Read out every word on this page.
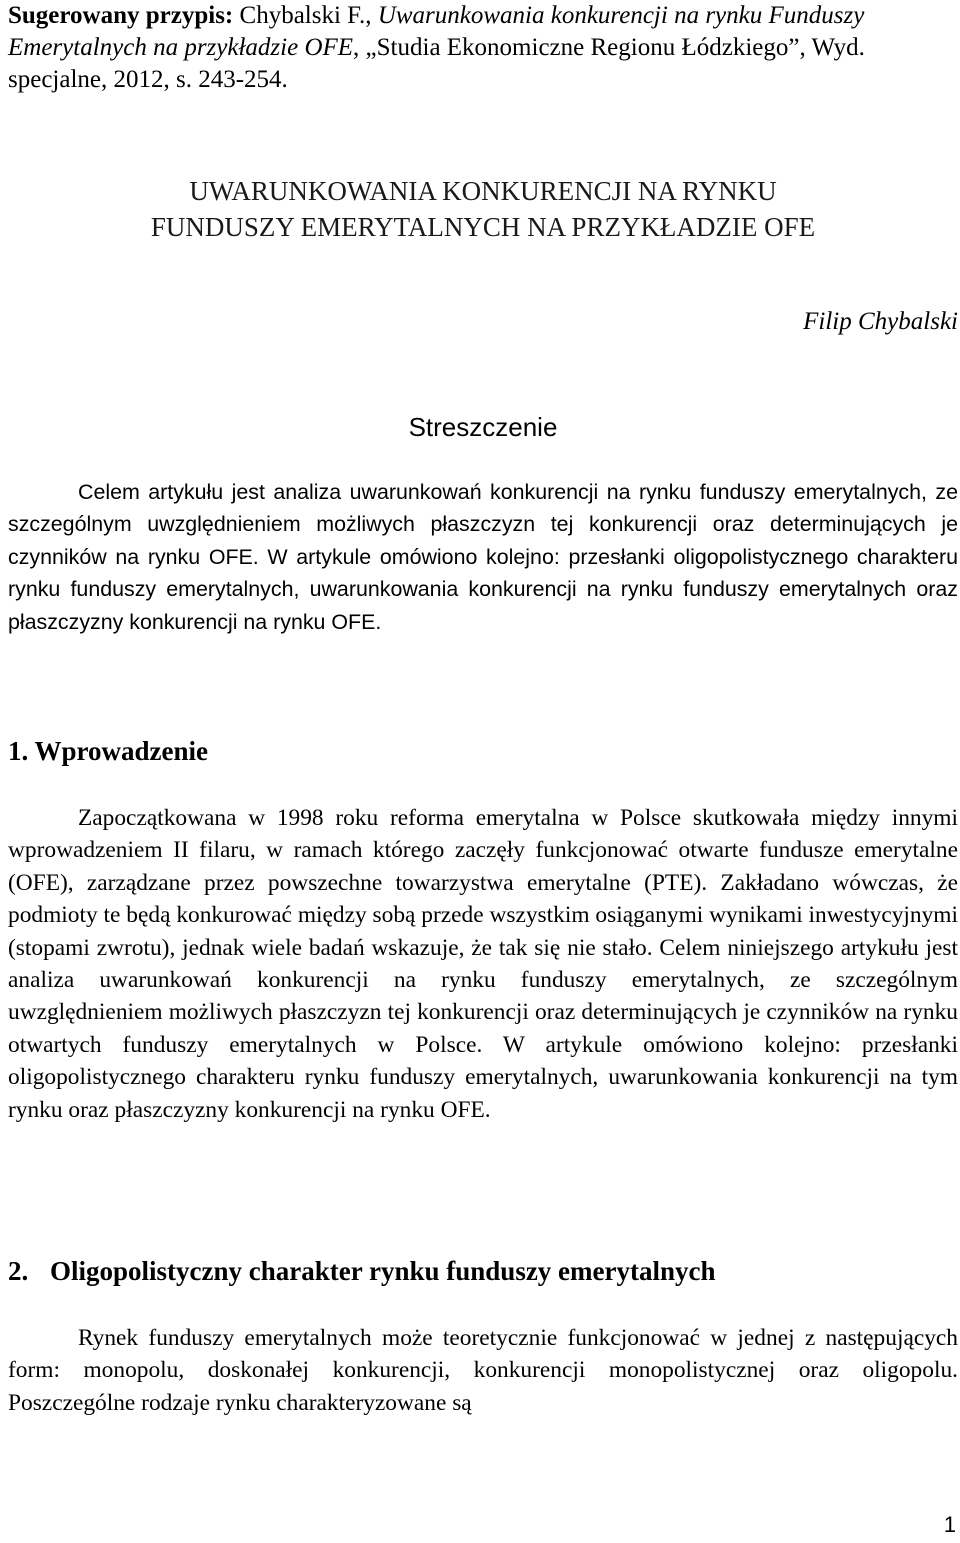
Sugerowany przypis: Chybalski F., Uwarunkowania konkurencji na rynku Funduszy Emerytalnych na przykładzie OFE, „Studia Ekonomiczne Regionu Łódzkiego”, Wyd. specjalne, 2012, s. 243-254.
UWARUNKOWANIA KONKURENCJI NA RYNKU
FUNDUSZY EMERYTALNYCH NA PRZYKŁADZIE OFE
Filip Chybalski
Streszczenie

Celem artykułu jest analiza uwarunkowań konkurencji na rynku funduszy emerytalnych, ze szczególnym uwzględnieniem możliwych płaszczyzn tej konkurencji oraz determinujących je czynników na rynku OFE. W artykule omówiono kolejno: przesłanki oligopolistycznego charakteru rynku funduszy emerytalnych, uwarunkowania konkurencji na rynku funduszy emerytalnych oraz płaszczyzny konkurencji na rynku OFE.

1. Wprowadzenie

Zapoczątkowana w 1998 roku reforma emerytalna w Polsce skutkowała między innymi wprowadzeniem II filaru, w ramach którego zaczęły funkcjonować otwarte fundusze emerytalne (OFE), zarządzane przez powszechne towarzystwa emerytalne (PTE). Zakładano wówczas, że podmioty te będą konkurować między sobą przede wszystkim osiąganymi wynikami inwestycyjnymi (stopami zwrotu), jednak wiele badań wskazuje, że tak się nie stało. Celem niniejszego artykułu jest analiza uwarunkowań konkurencji na rynku funduszy emerytalnych, ze szczególnym uwzględnieniem możliwych płaszczyzn tej konkurencji oraz determinujących je czynników na rynku otwartych funduszy emerytalnych w Polsce. W artykule omówiono kolejno: przesłanki oligopolistycznego charakteru rynku funduszy emerytalnych, uwarunkowania konkurencji na tym rynku oraz płaszczyzny konkurencji na rynku OFE.

2. Oligopolistyczny charakter rynku funduszy emerytalnych

Rynek funduszy emerytalnych może teoretycznie funkcjonować w jednej z następujących form: monopolu, doskonałej konkurencji, konkurencji monopolistycznej oraz oligopolu. Poszczególne rodzaje rynku charakteryzowane są

1
